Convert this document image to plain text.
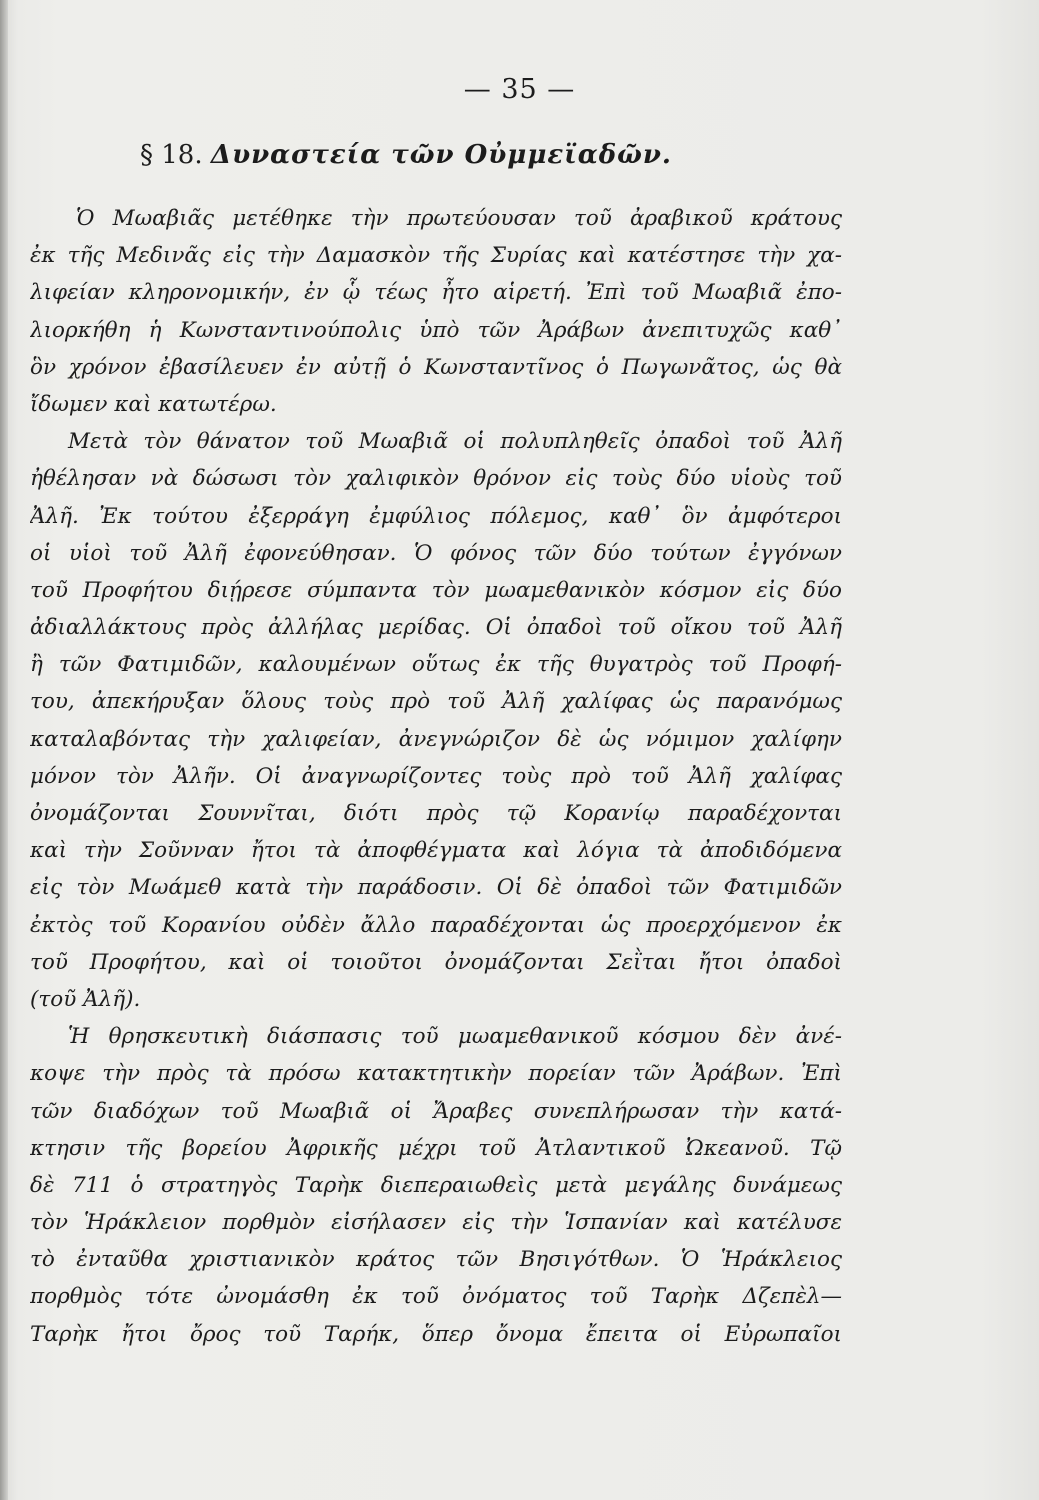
— 35 —
§ 18. Δυναστεία τῶν Οὐμμεϊαδῶν.
Ὁ Μωαβιᾶς μετέθηκε τὴν πρωτεύουσαν τοῦ ἀραβικοῦ κράτους
ἐκ τῆς Μεδινᾶς εἰς τὴν Δαμασκὸν τῆς Συρίας καὶ κατέστησε τὴν χα-
λιφείαν κληρονομικήν, ἐν ᾧ τέως ἦτο αἱρετή. Ἐπὶ τοῦ Μωαβιᾶ ἐπο-
λιορκήθη ἡ Κωνσταντινούπολις ὑπὸ τῶν Ἀράβων ἀνεπιτυχῶς καθ᾽
ὃν χρόνον ἐβασίλευεν ἐν αὐτῇ ὁ Κωνσταντῖνος ὁ Πωγωνᾶτος, ὡς θὰ
ἴδωμεν καὶ κατωτέρω.
Μετὰ τὸν θάνατον τοῦ Μωαβιᾶ οἱ πολυπληθεῖς ὀπαδοὶ τοῦ Ἀλῆ
ἠθέλησαν νὰ δώσωσι τὸν χαλιφικὸν θρόνον εἰς τοὺς δύο υἱοὺς τοῦ
Ἀλῆ. Ἐκ τούτου ἐξερράγη ἐμφύλιος πόλεμος, καθ᾽ ὃν ἀμφότεροι
οἱ υἱοὶ τοῦ Ἀλῆ ἐφονεύθησαν. Ὁ φόνος τῶν δύο τούτων ἐγγόνων
τοῦ Προφήτου διῄρεσε σύμπαντα τὸν μωαμεθανικὸν κόσμον εἰς δύο
ἀδιαλλάκτους πρὸς ἀλλήλας μερίδας. Οἱ ὀπαδοὶ τοῦ οἴκου τοῦ Ἀλῆ
ἢ τῶν Φατιμιδῶν, καλουμένων οὕτως ἐκ τῆς θυγατρὸς τοῦ Προφή-
του, ἀπεκήρυξαν ὅλους τοὺς πρὸ τοῦ Ἀλῆ χαλίφας ὡς παρανόμως
καταλαβόντας τὴν χαλιφείαν, ἀνεγνώριζον δὲ ὡς νόμιμον χαλίφην
μόνον τὸν Ἀλῆν. Οἱ ἀναγνωρίζοντες τοὺς πρὸ τοῦ Ἀλῆ χαλίφας
ὀνομάζονται Σουννῖται, διότι πρὸς τῷ Κορανίῳ παραδέχονται
καὶ τὴν Σοῦνναν ἤτοι τὰ ἀποφθέγματα καὶ λόγια τὰ ἀποδιδόμενα
εἰς τὸν Μωάμεθ κατὰ τὴν παράδοσιν. Οἱ δὲ ὀπαδοὶ τῶν Φατιμιδῶν
ἐκτὸς τοῦ Κορανίου οὐδὲν ἄλλο παραδέχονται ὡς προερχόμενον ἐκ
τοῦ Προφήτου, καὶ οἱ τοιοῦτοι ὀνομάζονται Σεῒται ἤτοι ὀπαδοὶ
(τοῦ Ἀλῆ).
Ἡ θρησκευτικὴ διάσπασις τοῦ μωαμεθανικοῦ κόσμου δὲν ἀνέ-
κοψε τὴν πρὸς τὰ πρόσω κατακτητικὴν πορείαν τῶν Ἀράβων. Ἐπὶ
τῶν διαδόχων τοῦ Μωαβιᾶ οἱ Ἄραβες συνεπλήρωσαν τὴν κατά-
κτησιν τῆς βορείου Ἀφρικῆς μέχρι τοῦ Ἀτλαντικοῦ Ὠκεανοῦ. Τῷ
δὲ 711 ὁ στρατηγὸς Ταρὴκ διεπεραιωθεὶς μετὰ μεγάλης δυνάμεως
τὸν Ἡράκλειον πορθμὸν εἰσήλασεν εἰς τὴν Ἱσπανίαν καὶ κατέλυσε
τὸ ἐνταῦθα χριστιανικὸν κράτος τῶν Βησιγότθων. Ὁ Ἡράκλειος
πορθμὸς τότε ὠνομάσθη ἐκ τοῦ ὀνόματος τοῦ Ταρὴκ Δζεπὲλ—
Ταρὴκ ἤτοι ὄρος τοῦ Ταρήκ, ὅπερ ὄνομα ἔπειτα οἱ Εὐρωπαῖοι
